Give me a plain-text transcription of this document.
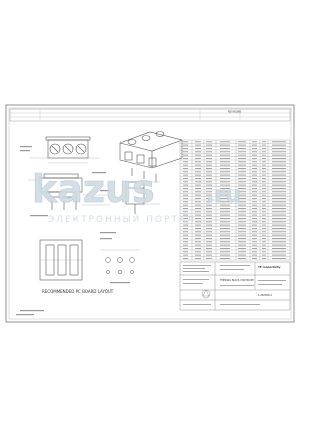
REVISIONS
RECOMMENDED PC BOARD LAYOUT
TE connectivity
TERMINAL BLOCK, PCB MOUNT
1-282856-0
kazus .ru
ЭЛЕКТРОННЫЙ ПОРТАЛ
